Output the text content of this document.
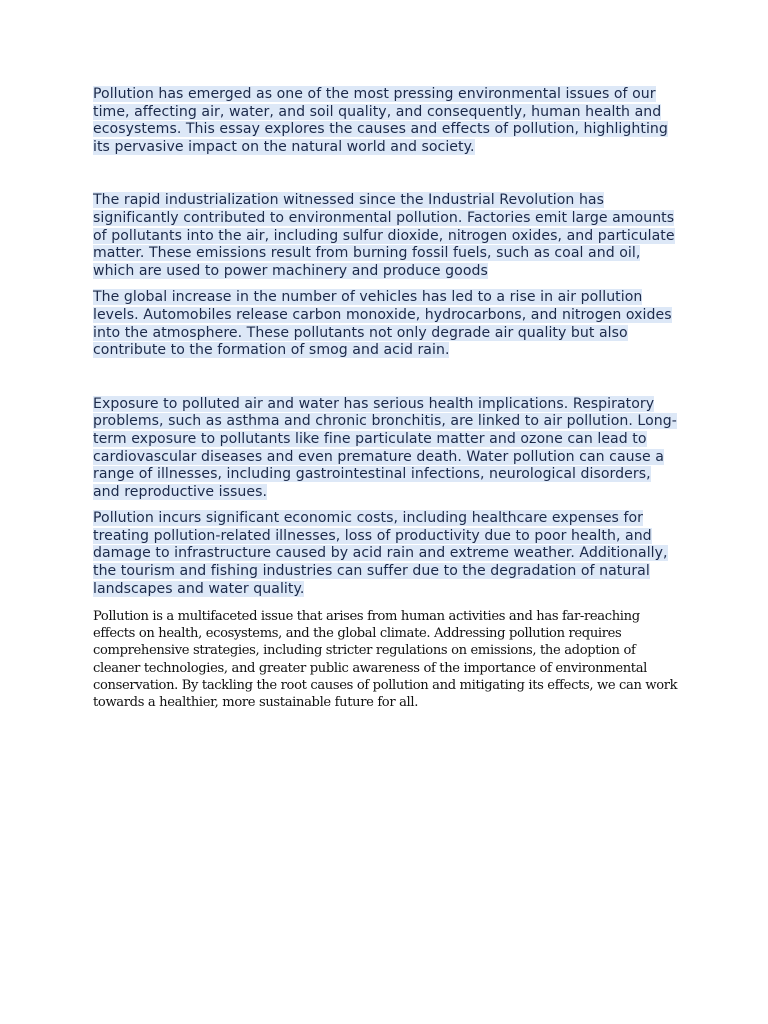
Pollution has emerged as one of the most pressing environmental issues of our time, affecting air, water, and soil quality, and consequently, human health and ecosystems. This essay explores the causes and effects of pollution, highlighting its pervasive impact on the natural world and society.

The rapid industrialization witnessed since the Industrial Revolution has significantly contributed to environmental pollution. Factories emit large amounts of pollutants into the air, including sulfur dioxide, nitrogen oxides, and particulate matter. These emissions result from burning fossil fuels, such as coal and oil, which are used to power machinery and produce goods

The global increase in the number of vehicles has led to a rise in air pollution levels. Automobiles release carbon monoxide, hydrocarbons, and nitrogen oxides into the atmosphere. These pollutants not only degrade air quality but also contribute to the formation of smog and acid rain.

Exposure to polluted air and water has serious health implications. Respiratory problems, such as asthma and chronic bronchitis, are linked to air pollution. Long-term exposure to pollutants like fine particulate matter and ozone can lead to cardiovascular diseases and even premature death. Water pollution can cause a range of illnesses, including gastrointestinal infections, neurological disorders, and reproductive issues.

Pollution incurs significant economic costs, including healthcare expenses for treating pollution-related illnesses, loss of productivity due to poor health, and damage to infrastructure caused by acid rain and extreme weather. Additionally, the tourism and fishing industries can suffer due to the degradation of natural landscapes and water quality.

Pollution is a multifaceted issue that arises from human activities and has far-reaching effects on health, ecosystems, and the global climate. Addressing pollution requires comprehensive strategies, including stricter regulations on emissions, the adoption of cleaner technologies, and greater public awareness of the importance of environmental conservation. By tackling the root causes of pollution and mitigating its effects, we can work towards a healthier, more sustainable future for all.
